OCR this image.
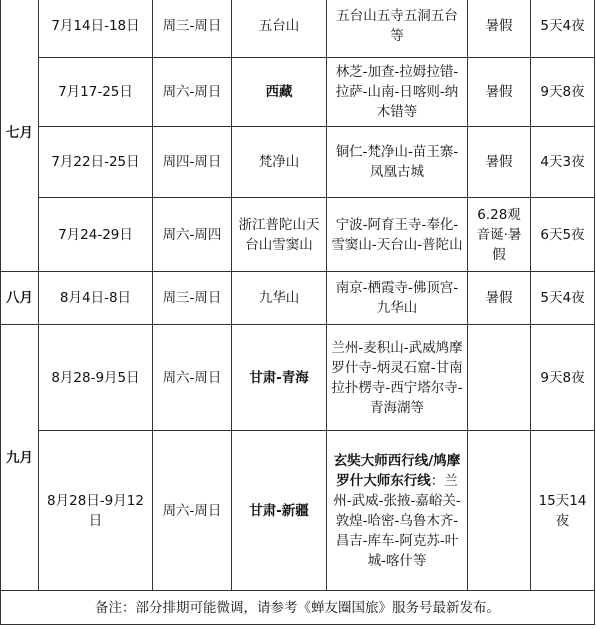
七月	7月14日-18日	周三-周日	五台山	五台山五寺五洞五台等	暑假	5天4夜
	7月17-25日	周六-周日	西藏	林芝-加查-拉姆拉错-拉萨-山南-日喀则-纳木错等	暑假	9天8夜
	7月22日-25日	周四-周日	梵净山	铜仁-梵净山-苗王寨-凤凰古城	暑假	4天3夜
	7月24-29日	周六-周四	浙江普陀山天台山雪窦山	宁波-阿育王寺-奉化-雪窦山-天台山-普陀山	6.28观音诞·暑假	6天5夜
八月	8月4日-8日	周三-周日	九华山	南京-栖霞寺-佛顶宫-九华山	暑假	5天4夜
九月	8月28-9月5日	周六-周日	甘肃-青海	兰州-麦积山-武威鸠摩罗什寺-炳灵石窟-甘南拉扑楞寺-西宁塔尔寺-青海湖等		9天8夜
	8月28日-9月12日	周六-周日	甘肃-新疆	玄奘大师西行线/鸠摩罗什大师东行线：兰州-武威-张掖-嘉峪关-敦煌-哈密-乌鲁木齐-昌吉-库车-阿克苏-叶城-喀什等		15天14夜
备注：部分排期可能微调，请参考《蝉友圈国旅》服务号最新发布。						
